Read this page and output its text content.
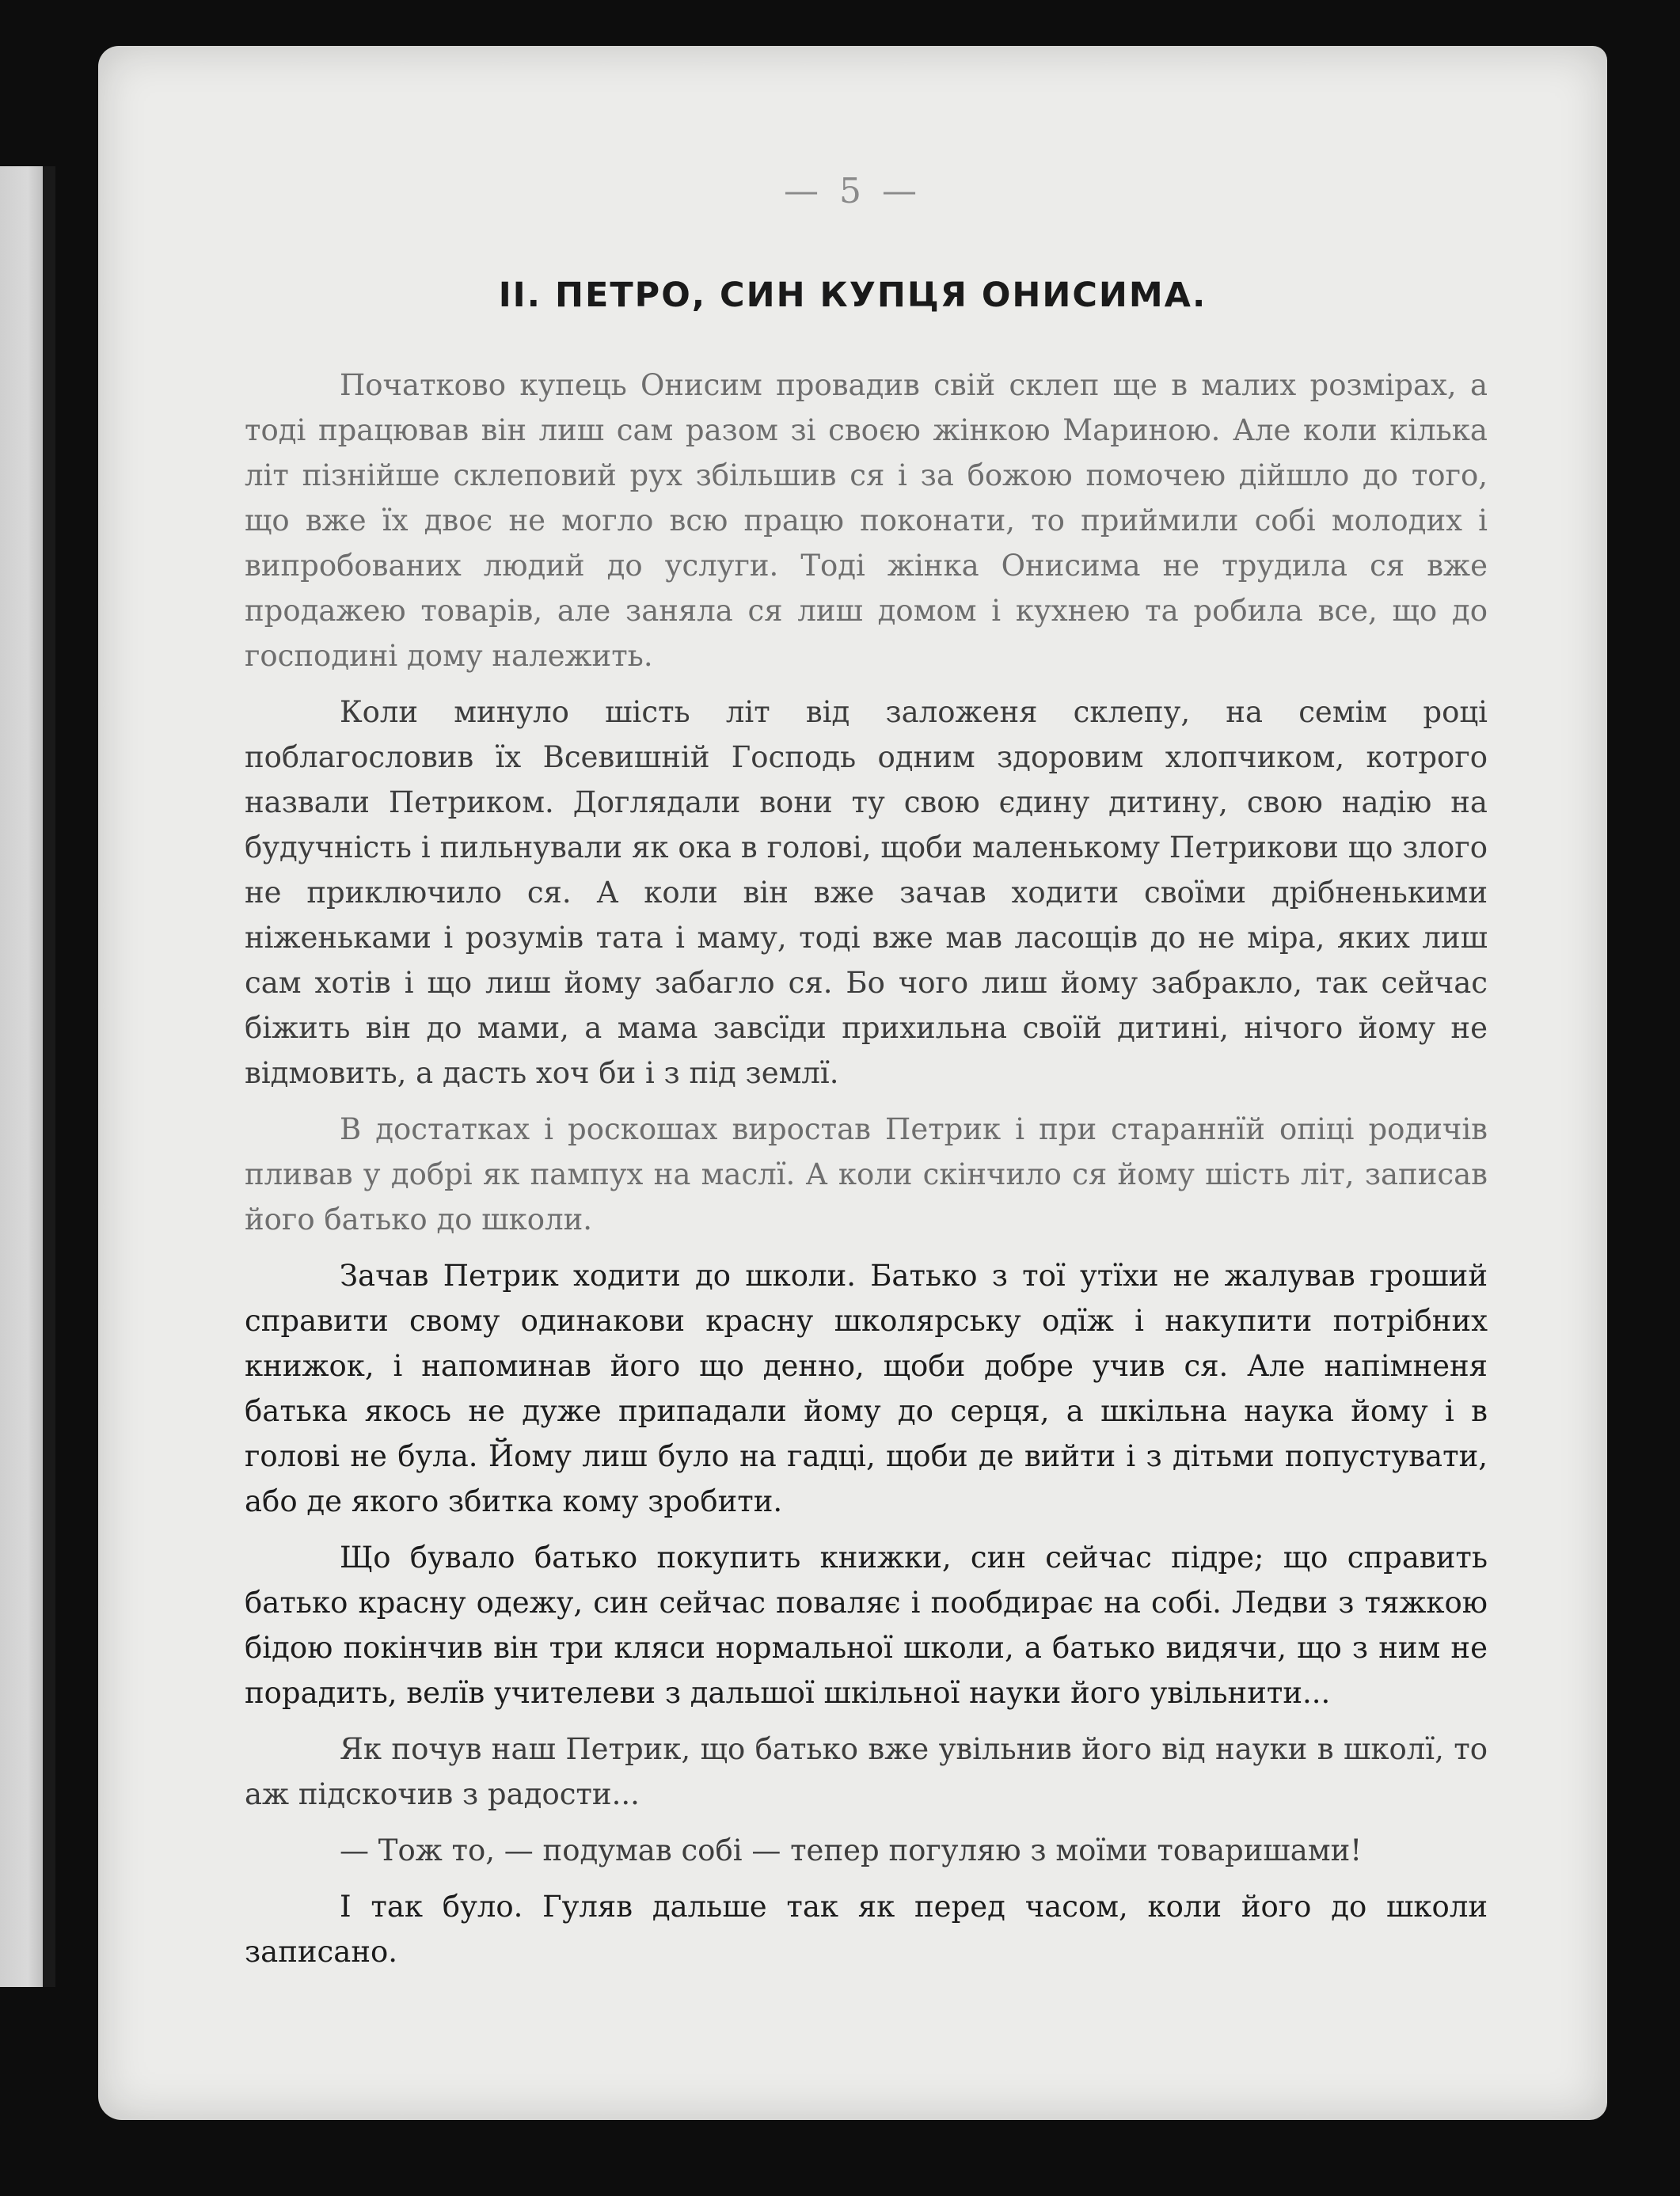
— 5 —
II. ПЕТРО, СИН КУПЦЯ ОНИСИМА.

Початково купець Онисим провадив свій склеп ще в малих розмірах, а тоді працював він лиш сам разом зі своєю жінкою Мариною. Але коли кілька літ пізнійше склеповий рух збільшив ся і за божою помочею дійшло до того, що вже їх двоє не могло всю працю поконати, то приймили собі молодих і випробованих людий до услуги. Тоді жінка Онисима не трудила ся вже продажею товарів, але заняла ся лиш домом і кухнею та робила все, що до господині дому належить.

Коли минуло шість літ від заложеня склепу, на семім році поблагословив їх Всевишній Господь одним здоровим хлопчиком, котрого назвали Петриком. Доглядали вони ту свою єдину дитину, свою надію на будучність і пильнували як ока в голові, щоби маленькому Петрикови що злого не приключило ся. А коли він вже зачав ходити своїми дрібненькими ніженьками і розумів тата і маму, тоді вже мав ласощів до не міра, яких лиш сам хотів і що лиш йому забагло ся. Бо чого лиш йому забракло, так сейчас біжить він до мами, а мама завсїди прихильна своїй дитині, нічого йому не відмовить, а дасть хоч би і з під землї.

В достатках і роскошах виростав Петрик і при стараннїй опіці родичів пливав у добрі як пампух на маслї. А коли скінчило ся йому шість літ, записав його батько до школи.

Зачав Петрик ходити до школи. Батько з тої утїхи не жалував гроший справити свому одинакови красну школярську одїж і накупити потрібних книжок, і напоминав його що денно, щоби добре учив ся. Але напімненя батька якось не дуже припадали йому до серця, а шкільна наука йому і в голові не була. Йому лиш було на гадці, щоби де вийти і з дітьми попустувати, або де якого збитка кому зробити.

Що бувало батько покупить книжки, син сейчас підре; що справить батько красну одежу, син сейчас поваляє і пообдирає на собі. Ледви з тяжкою бідою покінчив він три кляси нормальної школи, а батько видячи, що з ним не порадить, велїв учителеви з дальшої шкільної науки його увільнити...

Як почув наш Петрик, що батько вже увільнив його від науки в школї, то аж підскочив з радости...

— Тож то, — подумав собі — тепер погуляю з моїми товаришами!

І так було. Гуляв дальше так як перед часом, коли його до школи записано.
